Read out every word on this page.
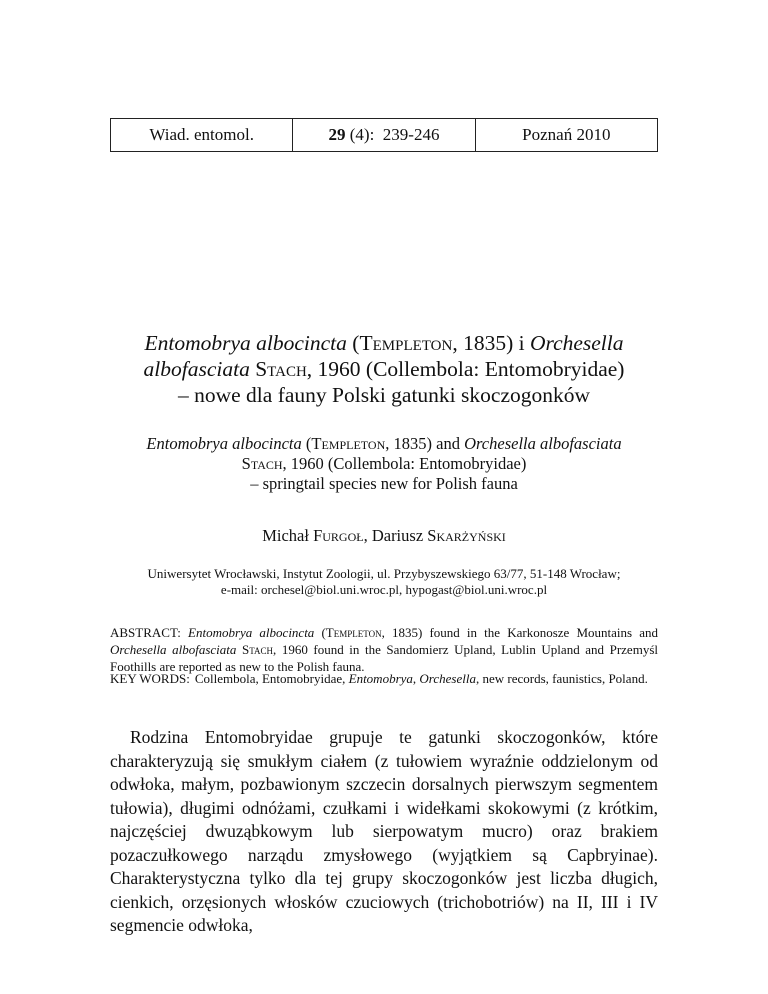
Wiad. entomol.	29 (4):  239-246	Poznań 2010
Entomobrya albocincta (Templeton, 1835) i Orchesella
albofasciata Stach, 1960 (Collembola: Entomobryidae)
– nowe dla fauny Polski gatunki skoczogonków
Entomobrya albocincta (Templeton, 1835) and Orchesella albofasciata
Stach, 1960 (Collembola: Entomobryidae)
– springtail species new for Polish fauna
Michał Furgoł, Dariusz Skarżyński
Uniwersytet Wrocławski, Instytut Zoologii, ul. Przybyszewskiego 63/77, 51-148 Wrocław;
e-mail: orchesel@biol.uni.wroc.pl, hypogast@biol.uni.wroc.pl
ABSTRACT: Entomobrya albocincta (Templeton, 1835) found in the Karkonosze Mountains and Orchesella albofasciata Stach, 1960 found in the Sandomierz Upland, Lublin Upland and Przemyśl Foothills are reported as new to the Polish fauna.
KEY WORDS: Collembola, Entomobryidae, Entomobrya, Orchesella, new records, faunistics, Poland.
Rodzina Entomobryidae grupuje te gatunki skoczogonków, które charakteryzują się smukłym ciałem (z tułowiem wyraźnie oddzielonym od odwłoka, małym, pozbawionym szczecin dorsalnych pierwszym segmentem tułowia), długimi odnóżami, czułkami i widełkami skokowymi (z krótkim, najczęściej dwuząbkowym lub sierpowatym mucro) oraz brakiem pozaczułkowego narządu zmysłowego (wyjątkiem są Capbryinae). Charakterystyczna tylko dla tej grupy skoczogonków jest liczba długich, cienkich, orzęsionych włosków czuciowych (trichobotriów) na II, III i IV segmencie odwłoka,
